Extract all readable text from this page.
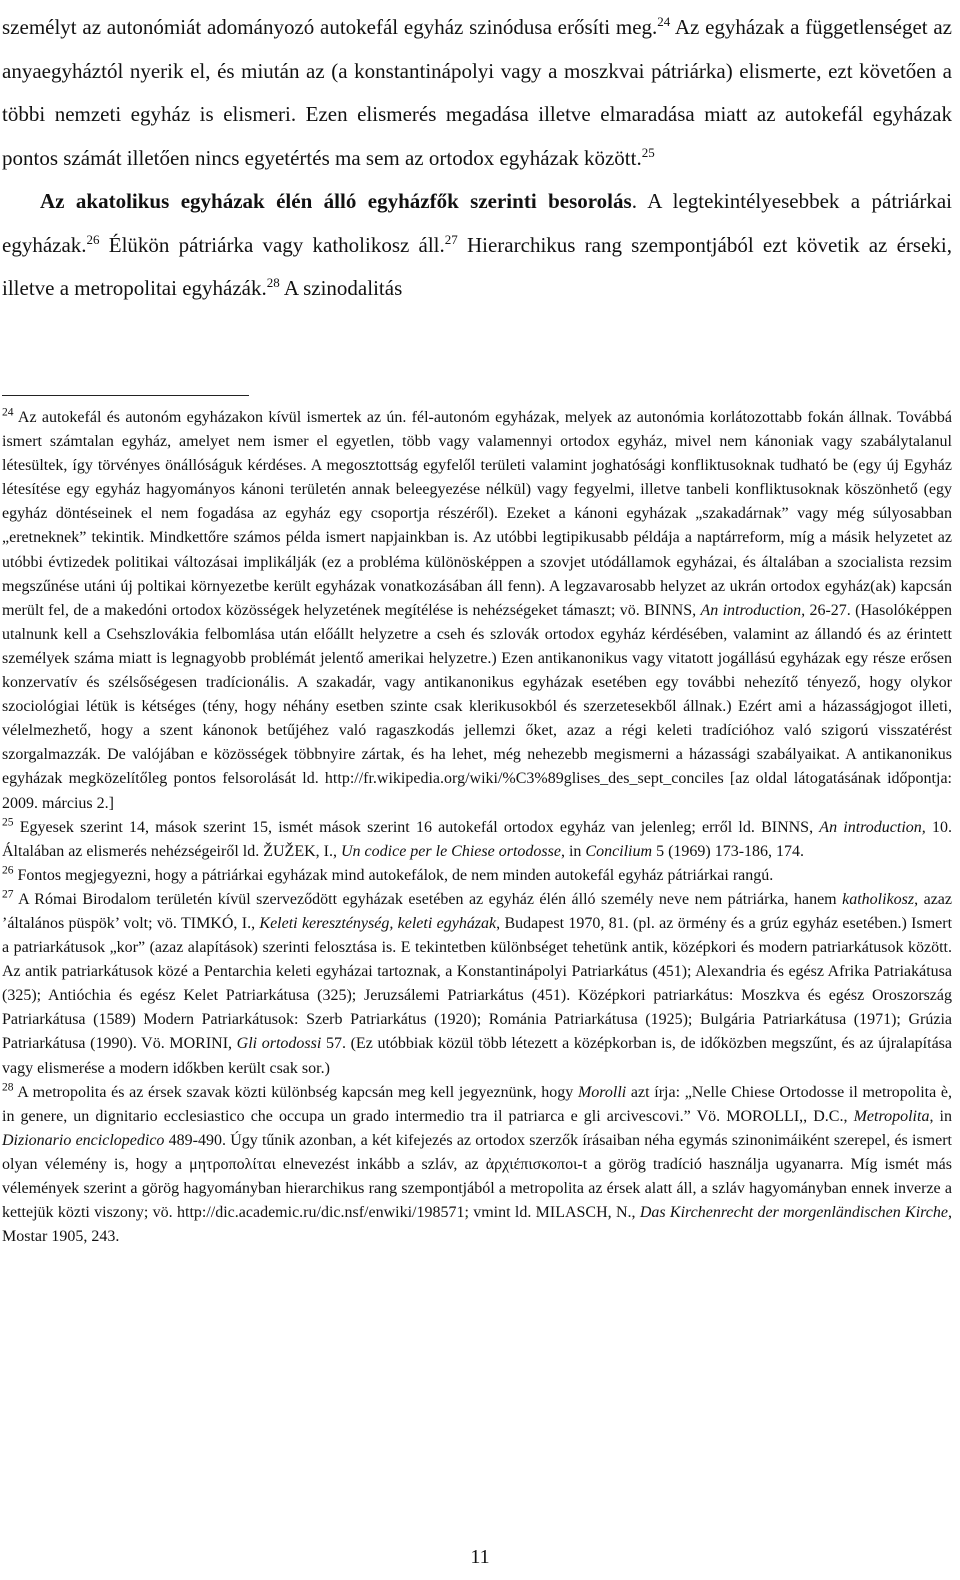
személyt az autonómiát adományozó autokefál egyház szinódusa erősíti meg.$^{24}$ Az egyházak a függetlenséget az anyaegyháztól nyerik el, és miután az (a konstantinápolyi vagy a moszkvai pátriárka) elismerte, ezt követően a többi nemzeti egyház is elismeri. Ezen elismerés megadása illetve elmaradása miatt az autokefál egyházak pontos számát illetően nincs egyetértés ma sem az ortodox egyházak között.$^{25}$

Az akatolikus egyházak élén álló egyházfők szerinti besorolás. A legtekintélyesebbek a pátriárkai egyházak.$^{26}$ Élükön pátriárka vagy katholikosz áll.$^{27}$ Hierarchikus rang szempontjából ezt követik az érseki, illetve a metropolitai egyházák.$^{28}$ A szinodalitás

$^{24}$ Az autokefál és autonóm egyházakon kívül ismertek az ún. fél-autonóm egyházak, melyek az autonómia korlátozottabb fokán állnak. Továbbá ismert számtalan egyház, amelyet nem ismer el egyetlen, több vagy valamennyi ortodox egyház, mivel nem kánoniak vagy szabálytalanul létesültek, így törvényes önállóságuk kérdéses. A megosztottság egyfelől területi valamint joghatósági konfliktusoknak tudható be (egy új Egyház létesítése egy egyház hagyományos kánoni területén annak beleegyezése nélkül) vagy fegyelmi, illetve tanbeli konfliktusoknak köszönhető (egy egyház döntéseinek el nem fogadása az egyház egy csoportja részéről). Ezeket a kánoni egyházak „szakadárnak” vagy még súlyosabban „eretneknek” tekintik. Mindkettőre számos példa ismert napjainkban is. Az utóbbi legtipikusabb példája a naptárreform, míg a másik helyzetet az utóbbi évtizedek politikai változásai implikálják (ez a probléma különösképpen a szovjet utódállamok egyházai, és általában a szocialista rezsim megszűnése utáni új poltikai környezetbe került egyházak vonatkozásában áll fenn). A legzavarosabb helyzet az ukrán ortodox egyház(ak) kapcsán merült fel, de a makedóni ortodox közösségek helyzetének megítélése is nehézségeket támaszt; vö. BINNS, An introduction, 26-27. (Hasolóképpen utalnunk kell a Csehszlovákia felbomlása után előállt helyzetre a cseh és szlovák ortodox egyház kérdésében, valamint az állandó és az érintett személyek száma miatt is legnagyobb problémát jelentő amerikai helyzetre.) Ezen antikanonikus vagy vitatott jogállású egyházak egy része erősen konzervatív és szélsőségesen tradícionális. A szakadár, vagy antikanonikus egyházak esetében egy további nehezítő tényező, hogy olykor szociológiai létük is kétséges (tény, hogy néhány esetben szinte csak klerikusokból és szerzetesekből állnak.) Ezért ami a házasságjogot illeti, vélelmezhető, hogy a szent kánonok betűjéhez való ragaszkodás jellemzi őket, azaz a régi keleti tradícióhoz való szigorú visszatérést szorgalmazzák. De valójában e közösségek többnyire zártak, és ha lehet, még nehezebb megismerni a házassági szabályaikat. A antikanonikus egyházak megközelítőleg pontos felsorolását ld. http://fr.wikipedia.org/wiki/%C3%89glises_des_sept_conciles [az oldal látogatásának időpontja: 2009. március 2.]

$^{25}$ Egyesek szerint 14, mások szerint 15, ismét mások szerint 16 autokefál ortodox egyház van jelenleg; erről ld. BINNS, An introduction, 10. Általában az elismerés nehézségeiről ld. ŽUŽEK, I., Un codice per le Chiese ortodosse, in Concilium 5 (1969) 173-186, 174.

$^{26}$ Fontos megjegyezni, hogy a pátriárkai egyházak mind autokefálok, de nem minden autokefál egyház pátriárkai rangú.

$^{27}$ A Római Birodalom területén kívül szerveződött egyházak esetében az egyház élén álló személy neve nem pátriárka, hanem katholikosz, azaz ’általános püspök’ volt; vö. TIMKÓ, I., Keleti kereszténység, keleti egyházak, Budapest 1970, 81. (pl. az örmény és a grúz egyház esetében.) Ismert a patriarkátusok „kor” (azaz alapítások) szerinti felosztása is. E tekintetben különbséget tehetünk antik, középkori és modern patriarkátusok között. Az antik patriarkátusok közé a Pentarchia keleti egyházai tartoznak, a Konstantinápolyi Patriarkátus (451); Alexandria és egész Afrika Patriakátusa (325); Antióchia és egész Kelet Patriarkátusa (325); Jeruzsálemi Patriarkátus (451). Középkori patriarkátus: Moszkva és egész Oroszország Patriarkátusa (1589) Modern Patriarkátusok: Szerb Patriarkátus (1920); Románia Patriarkátusa (1925); Bulgária Patriarkátusa (1971); Grúzia Patriarkátusa (1990). Vö. MORINI, Gli ortodossi 57. (Ez utóbbiak közül több létezett a középkorban is, de időközben megszűnt, és az újralapítása vagy elismerése a modern időkben került csak sor.)

$^{28}$ A metropolita és az érsek szavak közti különbség kapcsán meg kell jegyeznünk, hogy Morolli azt írja: „Nelle Chiese Ortodosse il metropolita è, in genere, un dignitario ecclesiastico che occupa un grado intermedio tra il patriarca e gli arcivescovi.” Vö. MOROLLI,, D.C., Metropolita, in Dizionario enciclopedico 489-490. Úgy tűnik azonban, a két kifejezés az ortodox szerzők írásaiban néha egymás szinonimáiként szerepel, és ismert olyan vélemény is, hogy a μητροπολίται elnevezést inkább a szláv, az ἀρχιέπισκοποι-t a görög tradíció használja ugyanarra. Míg ismét más vélemények szerint a görög hagyományban hierarchikus rang szempontjából a metropolita az érsek alatt áll, a szláv hagyományban ennek inverze a kettejük közti viszony; vö. http://dic.academic.ru/dic.nsf/enwiki/198571; vmint ld. MILASCH, N., Das Kirchenrecht der morgenländischen Kirche, Mostar 1905, 243.

11
